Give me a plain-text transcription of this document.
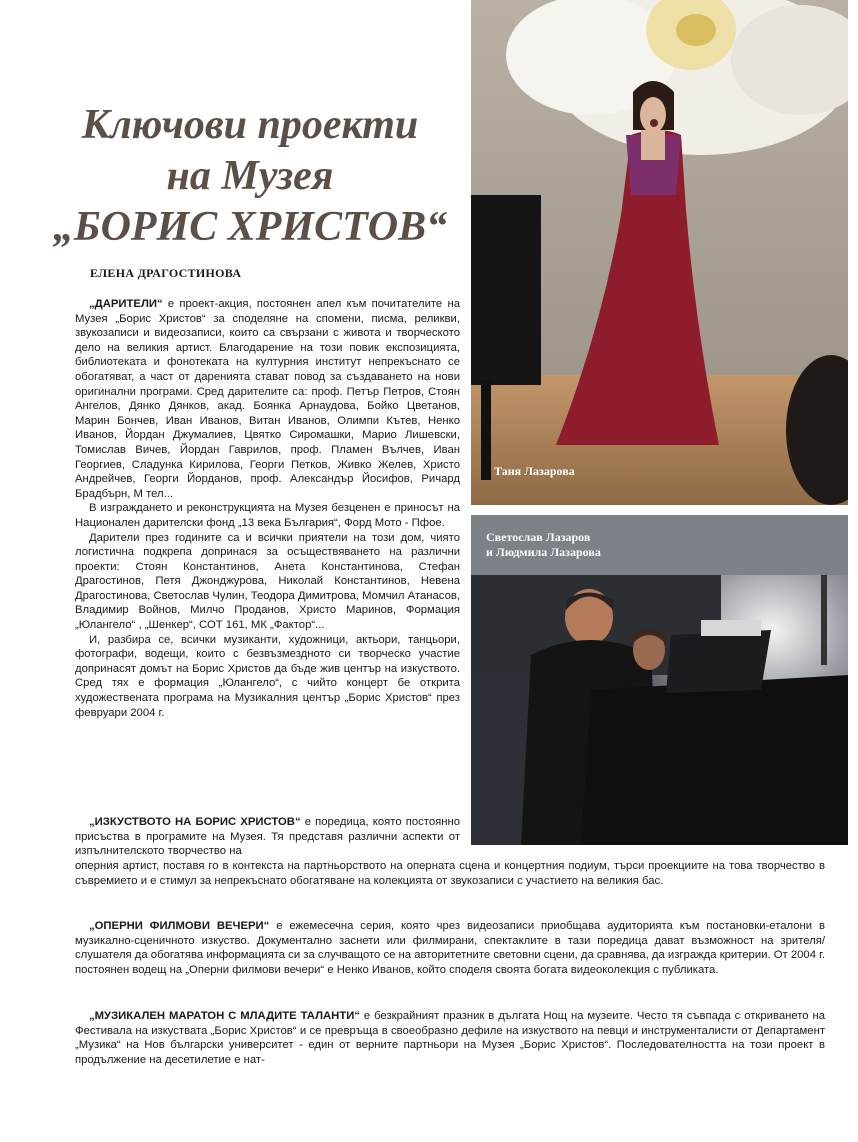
Ключови проекти
на Музея
„БОРИС ХРИСТОВ“
ЕЛЕНА ДРАГОСТИНОВА
Таня Лазарова
Светослав Лазаров
и Людмила Лазарова

„ДАРИТЕЛИ“ е проект-акция, постоянен апел към почитателите на Музея „Борис Христов“ за споделяне на спомени, писма, реликви, звукозаписи и видеозаписи, които са свързани с живота и творческото дело на великия артист. Благодарение на този повик експозицията, библиотеката и фонотеката на културния институт непрекъснато се обогатяват, а част от даренията стават повод за създаването на нови оригинални програми. Сред дарителите са: проф. Петър Петров, Стоян Ангелов, Дянко Дянков, акад. Боянка Арнаудова, Бойко Цветанов, Марин Бончев, Иван Иванов, Витан Иванов, Олимпи Кътев, Ненко Иванов, Йордан Джумалиев, Цвятко Сиромашки, Марио Лишевски, Томислав Вичев, Йордан Гаврилов, проф. Пламен Вълчев, Иван Георгиев, Сладунка Кирилова, Георги Петков, Живко Желев, Христо Андрейчев, Георги Йорданов, проф. Александър Йосифов, Ричард Брадбърн, М тел...

В изграждането и реконструкцията на Музея безценен е приносът на Национален дарителски фонд „13 века България“, Форд Мото - Пфое.

Дарители през годините са и всички приятели на този дом, чиято логистична подкрепа допринася за осъществяването на различни проекти: Стоян Константинов, Анета Константинова, Стефан Драгостинов, Петя Джонджурова, Николай Константинов, Невена Драгостинова, Светослав Чулин, Теодора Димитрова, Момчил Атанасов, Владимир Войнов, Милчо Проданов, Христо Маринов, Формация „Юлангело“ , „Шенкер“, СОТ 161, МК „Фактор“...

И, разбира се, всички музиканти, художници, актьори, танцьори, фотографи, водещи, които с безвъзмездното си творческо участие допринасят домът на Борис Христов да бъде жив център на изкуството. Сред тях е формация „Юлангело“, с чийто концерт бе открита художествената програма на Музикалния център „Борис Христов“ през февруари 2004 г.

„ИЗКУСТВОТО НА БОРИС ХРИСТОВ“ е поредица, която постоянно присъства в програмите на Музея. Тя представя различни аспекти от изпълнителското творчество на

оперния артист, поставя го в контекста на партньорството на оперната сцена и концертния подиум, търси проекциите на това творчество в съвремието и е стимул за непрекъснато обогатяване на колекцията от звукозаписи с участието на великия бас.

„ОПЕРНИ ФИЛМОВИ ВЕЧЕРИ“ е ежемесечна серия, която чрез видеозаписи приобщава аудиторията към постановки-еталони в музикално-сценичното изкуство. Документално заснети или филмирани, спектаклите в тази поредица дават възможност на зрителя/слушателя да обогатява информацията си за случващото се на авторитетните световни сцени, да сравнява, да изгражда критерии. От 2004 г. постоянен водещ на „Оперни филмови вечери“ е Ненко Иванов, който споделя своята богата видеоколекция с публиката.

„МУЗИКАЛЕН МАРАТОН С МЛАДИТЕ ТАЛАНТИ“ е безкрайният празник в дългата Нощ на музеите. Често тя съвпада с откриването на Фестивала на изкуствата „Борис Христов“ и се превръща в своеобразно дефиле на изкуството на певци и инструменталисти от Департамент „Музика“ на Нов български университет - един от верните партньори на Музея „Борис Христов“. Последователността на този проект в продължение на десетилетие е нат-
